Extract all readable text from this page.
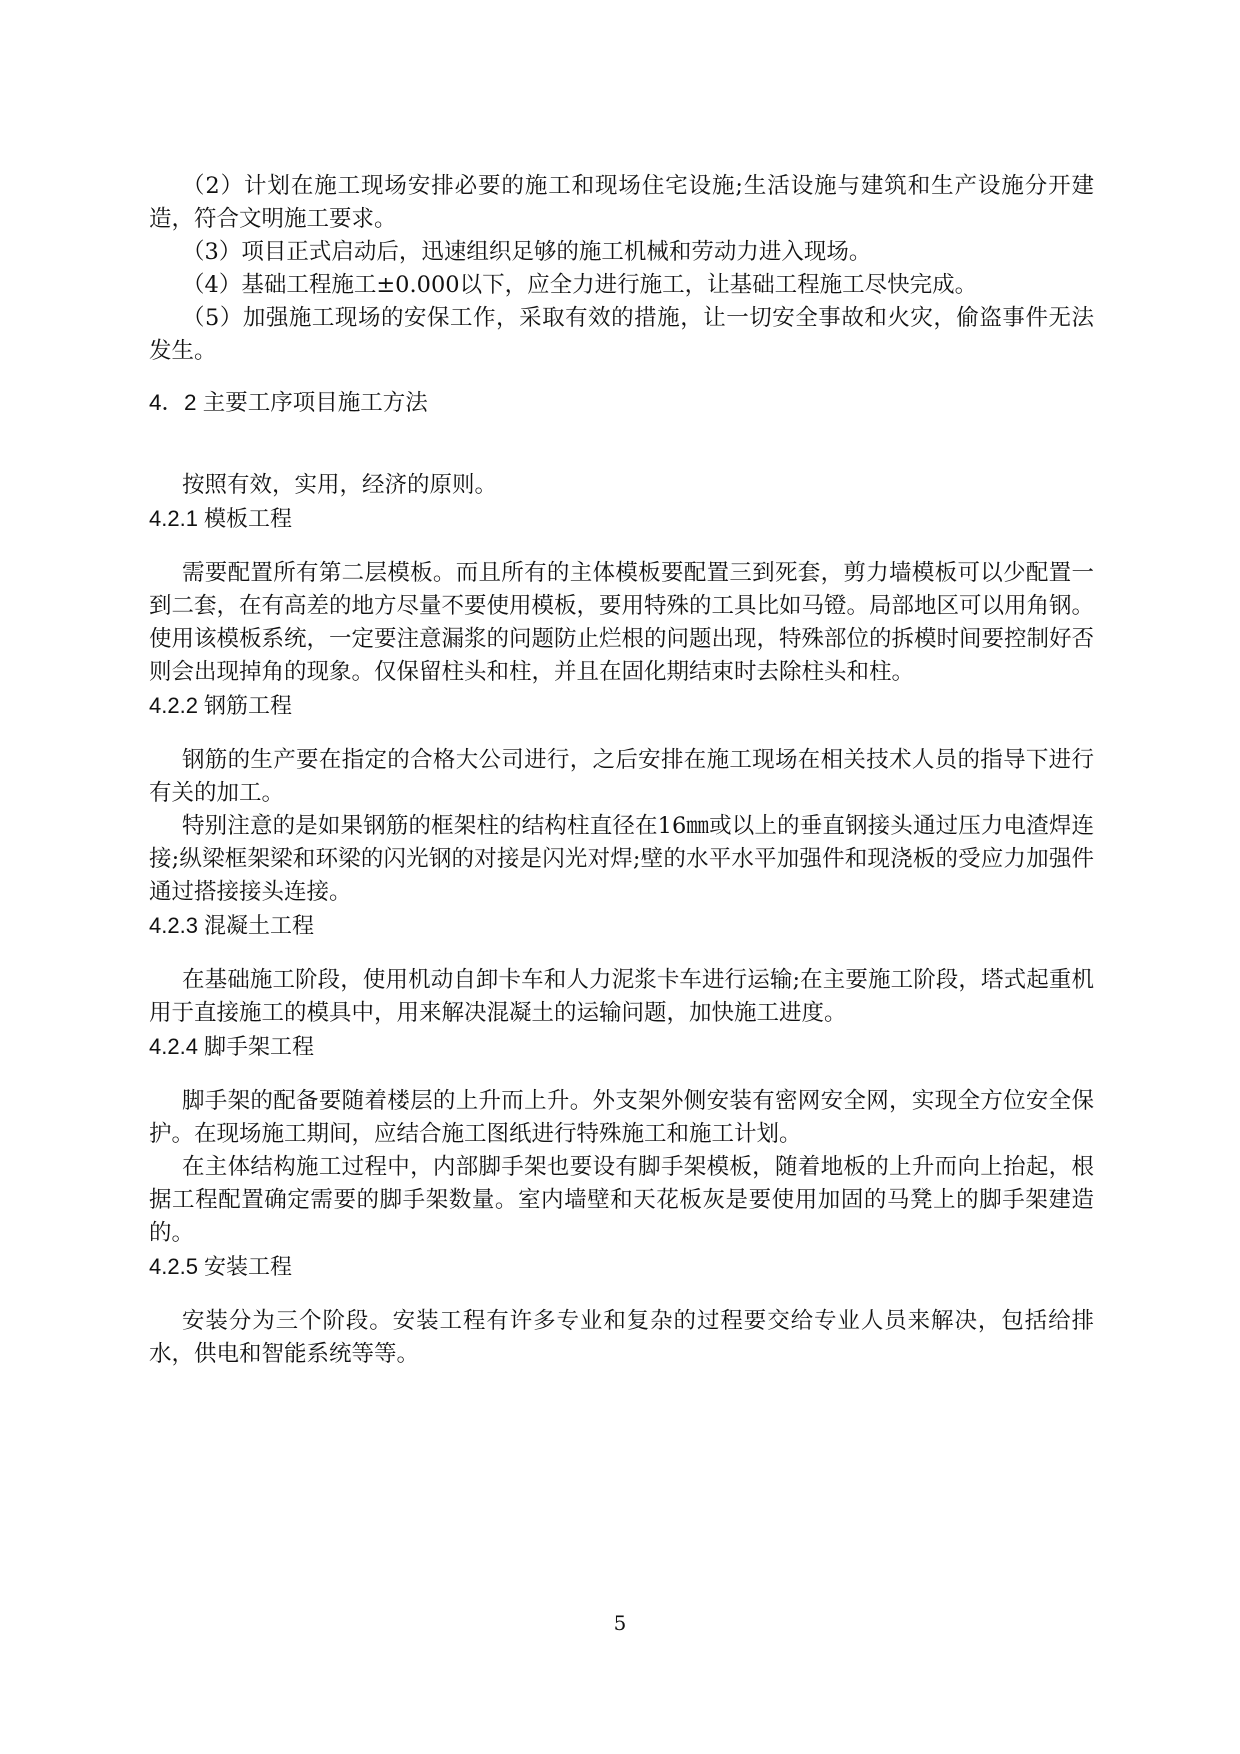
（2）计划在施工现场安排必要的施工和现场住宅设施;生活设施与建筑和生产设施分开建造，符合文明施工要求。

（3）项目正式启动后，迅速组织足够的施工机械和劳动力进入现场。

（4）基础工程施工±0.000以下，应全力进行施工，让基础工程施工尽快完成。

（5）加强施工现场的安保工作，采取有效的措施，让一切安全事故和火灾，偷盗事件无法发生。

4．2 主要工序项目施工方法

按照有效，实用，经济的原则。

4.2.1 模板工程

需要配置所有第二层模板。而且所有的主体模板要配置三到死套，剪力墙模板可以少配置一到二套，在有高差的地方尽量不要使用模板，要用特殊的工具比如马镫。局部地区可以用角钢。使用该模板系统，一定要注意漏浆的问题防止烂根的问题出现，特殊部位的拆模时间要控制好否则会出现掉角的现象。仅保留柱头和柱，并且在固化期结束时去除柱头和柱。

4.2.2 钢筋工程

钢筋的生产要在指定的合格大公司进行，之后安排在施工现场在相关技术人员的指导下进行有关的加工。

特别注意的是如果钢筋的框架柱的结构柱直径在16㎜或以上的垂直钢接头通过压力电渣焊连接;纵梁框架梁和环梁的闪光钢的对接是闪光对焊;壁的水平水平加强件和现浇板的受应力加强件通过搭接接头连接。

4.2.3 混凝土工程

在基础施工阶段，使用机动自卸卡车和人力泥浆卡车进行运输;在主要施工阶段，塔式起重机用于直接施工的模具中，用来解决混凝土的运输问题，加快施工进度。

4.2.4 脚手架工程

脚手架的配备要随着楼层的上升而上升。外支架外侧安装有密网安全网，实现全方位安全保护。在现场施工期间，应结合施工图纸进行特殊施工和施工计划。

在主体结构施工过程中，内部脚手架也要设有脚手架模板，随着地板的上升而向上抬起，根据工程配置确定需要的脚手架数量。室内墙壁和天花板灰是要使用加固的马凳上的脚手架建造的。

4.2.5 安装工程

安装分为三个阶段。安装工程有许多专业和复杂的过程要交给专业人员来解决，包括给排水，供电和智能系统等等。

5
